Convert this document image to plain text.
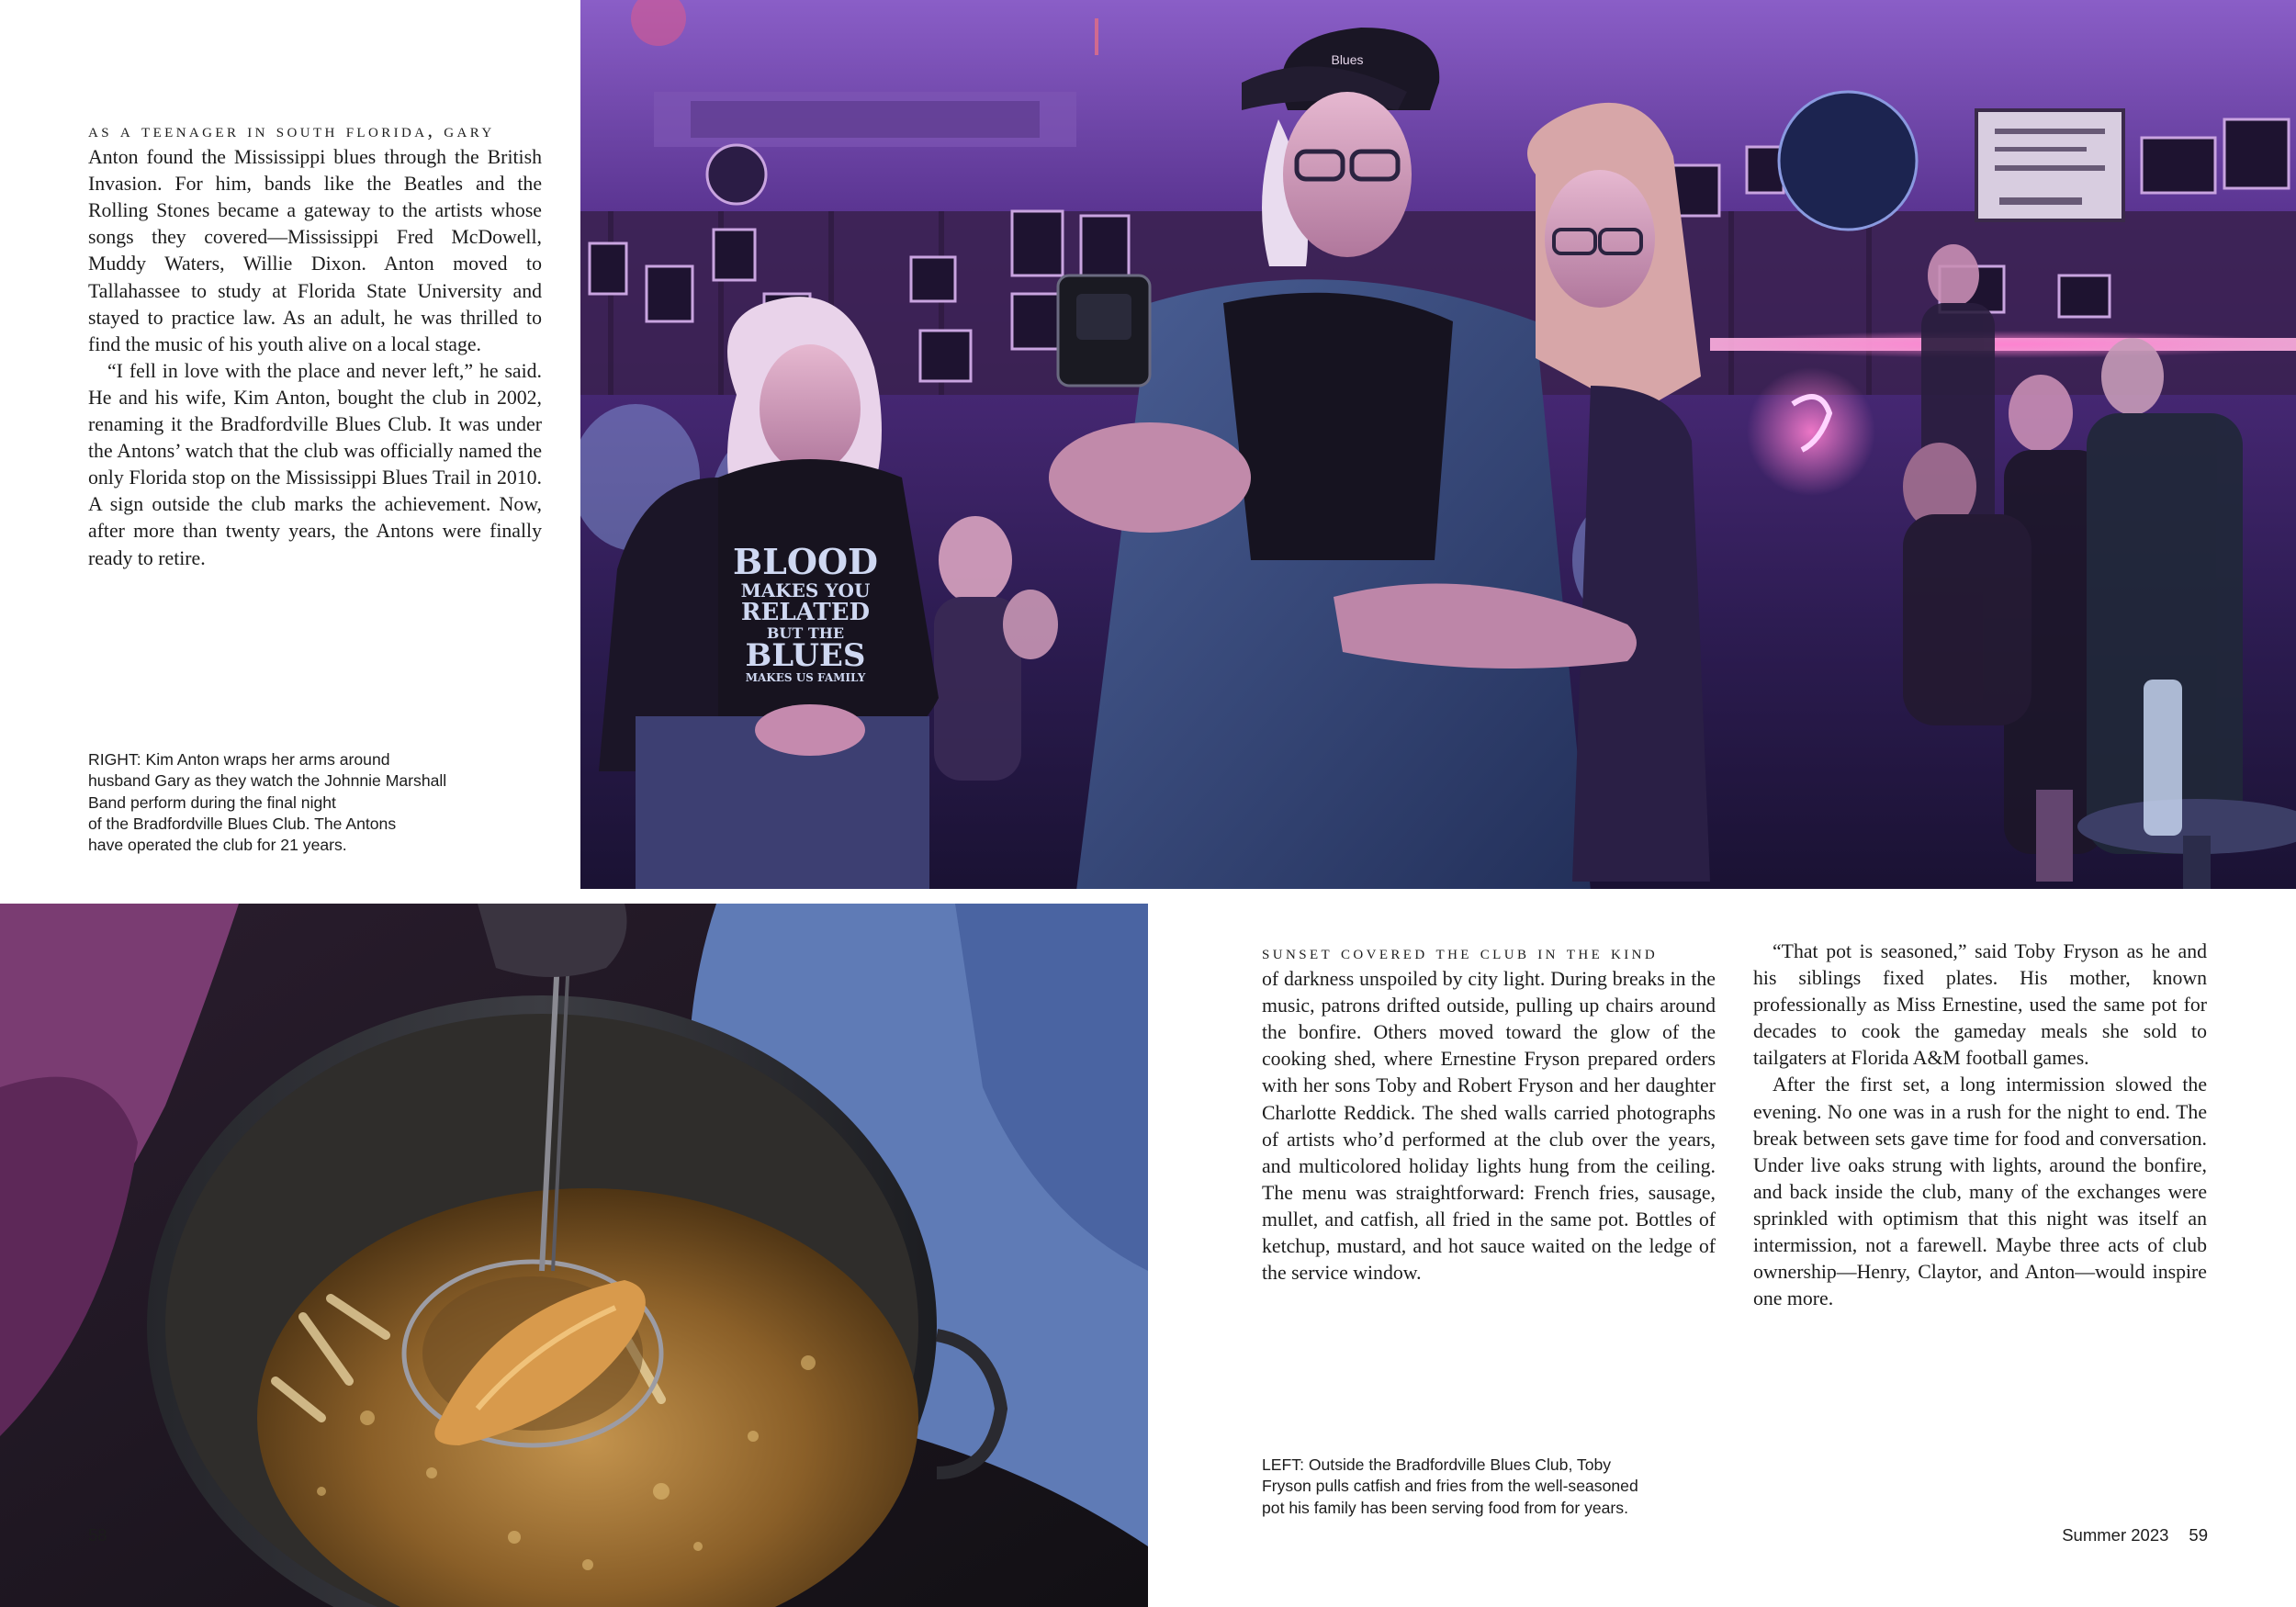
BLOOD
MAKES YOU
RELATED
BUT THE
BLUES
MAKES US FAMILY
Blues

as a teenager in south florida, gary
Anton found the Mississippi blues through the British Invasion. For him, bands like the Beatles and the Rolling Stones became a gateway to the artists whose songs they covered—Mississippi Fred McDowell, Muddy Waters, Willie Dixon. Anton moved to Tallahassee to study at Florida State University and stayed to practice law. As an adult, he was thrilled to find the music of his youth alive on a local stage.

“I fell in love with the place and never left,” he said. He and his wife, Kim Anton, bought the club in 2002, renaming it the Bradfordville Blues Club. It was under the Antons’ watch that the club was officially named the only Florida stop on the Mississippi Blues Trail in 2010. A sign outside the club marks the achievement. Now, after more than twenty years, the Antons were finally ready to retire.

RIGHT: Kim Anton wraps her arms around
husband Gary as they watch the Johnnie Marshall
Band perform during the final night
of the Bradfordville Blues Club. The Antons
have operated the club for 21 years.

sunset covered the club in the kind
of darkness unspoiled by city light. During breaks in the music, patrons drifted outside, pulling up chairs around the bonfire. Others moved toward the glow of the cooking shed, where Ernestine Fryson prepared orders with her sons Toby and Robert Fryson and her daughter Charlotte Reddick. The shed walls carried photographs of artists who’d performed at the club over the years, and multicolored holiday lights hung from the ceiling. The menu was straightforward: French fries, sausage, mullet, and catfish, all fried in the same pot. Bottles of ketchup, mustard, and hot sauce waited on the ledge of the service window.

“That pot is seasoned,” said Toby Fryson as he and his siblings fixed plates. His mother, known professionally as Miss Ernestine, used the same pot for decades to cook the gameday meals she sold to tailgaters at Florida A&M football games.

After the first set, a long intermission slowed the evening. No one was in a rush for the night to end. The break between sets gave time for food and conversation. Under live oaks strung with lights, around the bonfire, and back inside the club, many of the exchanges were sprinkled with optimism that this night was itself an intermission, not a farewell. Maybe three acts of club ownership—Henry, Claytor, and Anton—would inspire one more.

LEFT: Outside the Bradfordville Blues Club, Toby
Fryson pulls catfish and fries from the well-seasoned
pot his family has been serving food from for years.
58	Summer 2023 59
